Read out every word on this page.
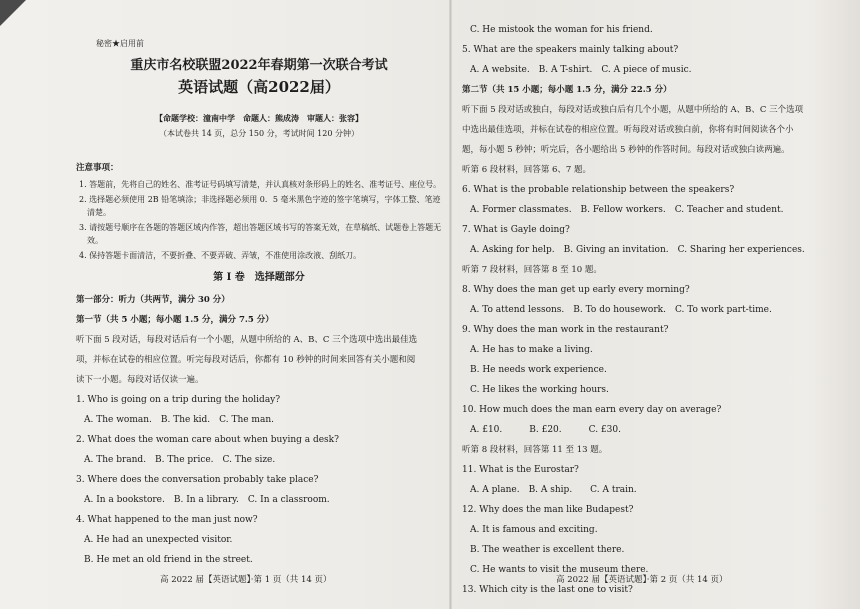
秘密★启用前
重庆市名校联盟2022年春期第一次联合考试
英语试题（高2022届）
【命题学校：潼南中学　命题人：熊成涛　审题人：张容】
（本试卷共 14 页，总分 150 分，考试时间 120 分钟）
注意事项：
1. 答题前，先将自己的姓名、准考证号码填写清楚，并认真核对条形码上的姓名、准考证号、座位号。
2. 选择题必须使用 2B 铅笔填涂；非选择题必须用 0．5 毫米黑色字迹的签字笔填写，字体工整、笔迹清楚。
3. 请按题号顺序在各题的答题区域内作答，超出答题区域书写的答案无效，在草稿纸、试题卷上答题无效。
4. 保持答题卡面清洁，不要折叠、不要弄破、弄皱，不准使用涂改液、刮纸刀。
第 I 卷　选择题部分
第一部分：听力（共两节，满分 30 分）
第一节（共 5 小题；每小题 1.5 分，满分 7.5 分）
听下面 5 段对话，每段对话后有一个小题，从题中所给的 A、B、C 三个选项中选出最佳选
项，并标在试卷的相应位置。听完每段对话后，你都有 10 秒钟的时间来回答有关小题和阅
读下一小题。每段对话仅读一遍。
1. Who is going on a trip during the holiday?
A. The woman.　B. The kid.　C. The man.
2. What does the woman care about when buying a desk?
A. The brand.　B. The price.　C. The size.
3. Where does the conversation probably take place?
A. In a bookstore.　B. In a library.　C. In a classroom.
4. What happened to the man just now?
A. He had an unexpected visitor.
B. He met an old friend in the street.
C. He mistook the woman for his friend.
5. What are the speakers mainly talking about?
A. A website.　B. A T-shirt.　C. A piece of music.
第二节（共 15 小题；每小题 1.5 分，满分 22.5 分）
听下面 5 段对话或独白，每段对话或独白后有几个小题，从题中所给的 A、B、C 三个选项
中选出最佳选项，并标在试卷的相应位置。听每段对话或独白前，你将有时间阅读各个小
题，每小题 5 秒钟；听完后，各小题给出 5 秒钟的作答时间。每段对话或独白读两遍。
听第 6 段材料，回答第 6、7 题。
6. What is the probable relationship between the speakers?
A. Former classmates.　B. Fellow workers.　C. Teacher and student.
7. What is Gayle doing?
A. Asking for help.　B. Giving an invitation.　C. Sharing her experiences.
听第 7 段材料，回答第 8 至 10 题。
8. Why does the man get up early every morning?
A. To attend lessons.　B. To do housework.　C. To work part-time.
9. Why does the man work in the restaurant?
A. He has to make a living.
B. He needs work experience.
C. He likes the working hours.
10. How much does the man earn every day on average?
A. £10.　　　B. £20.　　　C. £30.
听第 8 段材料，回答第 11 至 13 题。
11. What is the Eurostar?
A. A plane.　B. A ship.　　C. A train.
12. Why does the man like Budapest?
A. It is famous and exciting.
B. The weather is excellent there.
C. He wants to visit the museum there.
13. Which city is the last one to visit?
高 2022 届【英语试题】·第 1 页（共 14 页）	高 2022 届【英语试题】·第 2 页（共 14 页）
